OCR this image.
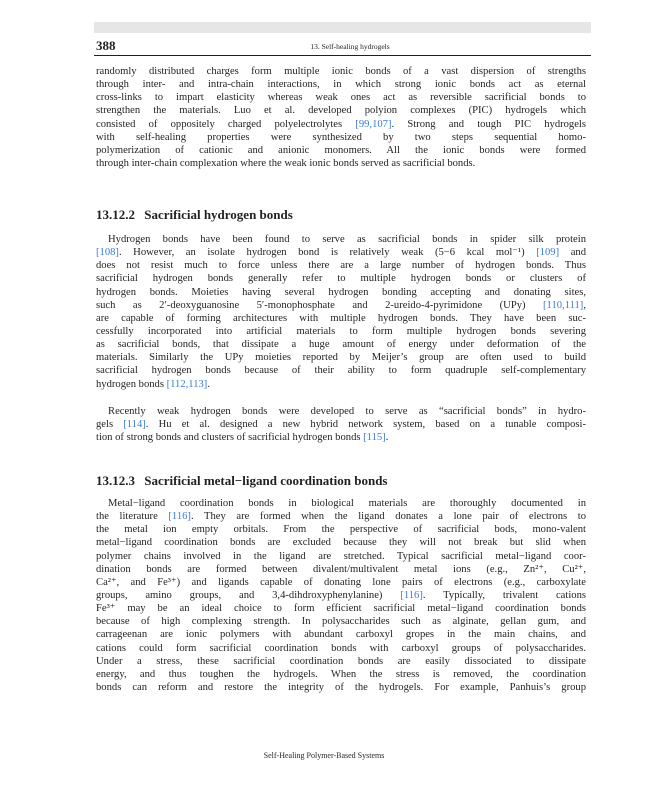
388	13. Self-healing hydrogels
randomly distributed charges form multiple ionic bonds of a vast dispersion of strengths
through inter- and intra-chain interactions, in which strong ionic bonds act as eternal
cross-links to impart elasticity whereas weak ones act as reversible sacrificial bonds to
strengthen the materials. Luo et al. developed polyion complexes (PIC) hydrogels which
consisted of oppositely charged polyelectrolytes [99,107]. Strong and tough PIC hydrogels
with self-healing properties were synthesized by two steps sequential homo-
polymerization of cationic and anionic monomers. All the ionic bonds were formed
through inter-chain complexation where the weak ionic bonds served as sacrificial bonds.
13.12.2 Sacrificial hydrogen bonds
Hydrogen bonds have been found to serve as sacrificial bonds in spider silk protein
[108]. However, an isolate hydrogen bond is relatively weak (5−6 kcal mol⁻¹) [109] and
does not resist much to force unless there are a large number of hydrogen bonds. Thus
sacrificial hydrogen bonds generally refer to multiple hydrogen bonds or clusters of
hydrogen bonds. Moieties having several hydrogen bonding accepting and donating sites,
such as 2′-deoxyguanosine 5′-monophosphate and 2-ureido-4-pyrimidone (UPy) [110,111],
are capable of forming architectures with multiple hydrogen bonds. They have been suc-
cessfully incorporated into artificial materials to form multiple hydrogen bonds severing
as sacrificial bonds, that dissipate a huge amount of energy under deformation of the
materials. Similarly the UPy moieties reported by Meijer’s group are often used to build
sacrificial hydrogen bonds because of their ability to form quadruple self-complementary
hydrogen bonds [112,113].
Recently weak hydrogen bonds were developed to serve as “sacrificial bonds” in hydro-
gels [114]. Hu et al. designed a new hybrid network system, based on a tunable composi-
tion of strong bonds and clusters of sacrificial hydrogen bonds [115].
13.12.3 Sacrificial metal−ligand coordination bonds
Metal−ligand coordination bonds in biological materials are thoroughly documented in
the literature [116]. They are formed when the ligand donates a lone pair of electrons to
the metal ion empty orbitals. From the perspective of sacrificial bods, mono-valent
metal−ligand coordination bonds are excluded because they will not break but slid when
polymer chains involved in the ligand are stretched. Typical sacrificial metal−ligand coor-
dination bonds are formed between divalent/multivalent metal ions (e.g., Zn²⁺, Cu²⁺,
Ca²⁺, and Fe³⁺) and ligands capable of donating lone pairs of electrons (e.g., carboxylate
groups, amino groups, and 3,4-dihdroxyphenylanine) [116]. Typically, trivalent cations
Fe³⁺ may be an ideal choice to form efficient sacrificial metal−ligand coordination bonds
because of high complexing strength. In polysaccharides such as alginate, gellan gum, and
carrageenan are ionic polymers with abundant carboxyl gropes in the main chains, and
cations could form sacrificial coordination bonds with carboxyl groups of polysaccharides.
Under a stress, these sacrificial coordination bonds are easily dissociated to dissipate
energy, and thus toughen the hydrogels. When the stress is removed, the coordination
bonds can reform and restore the integrity of the hydrogels. For example, Panhuis’s group
Self-Healing Polymer-Based Systems
